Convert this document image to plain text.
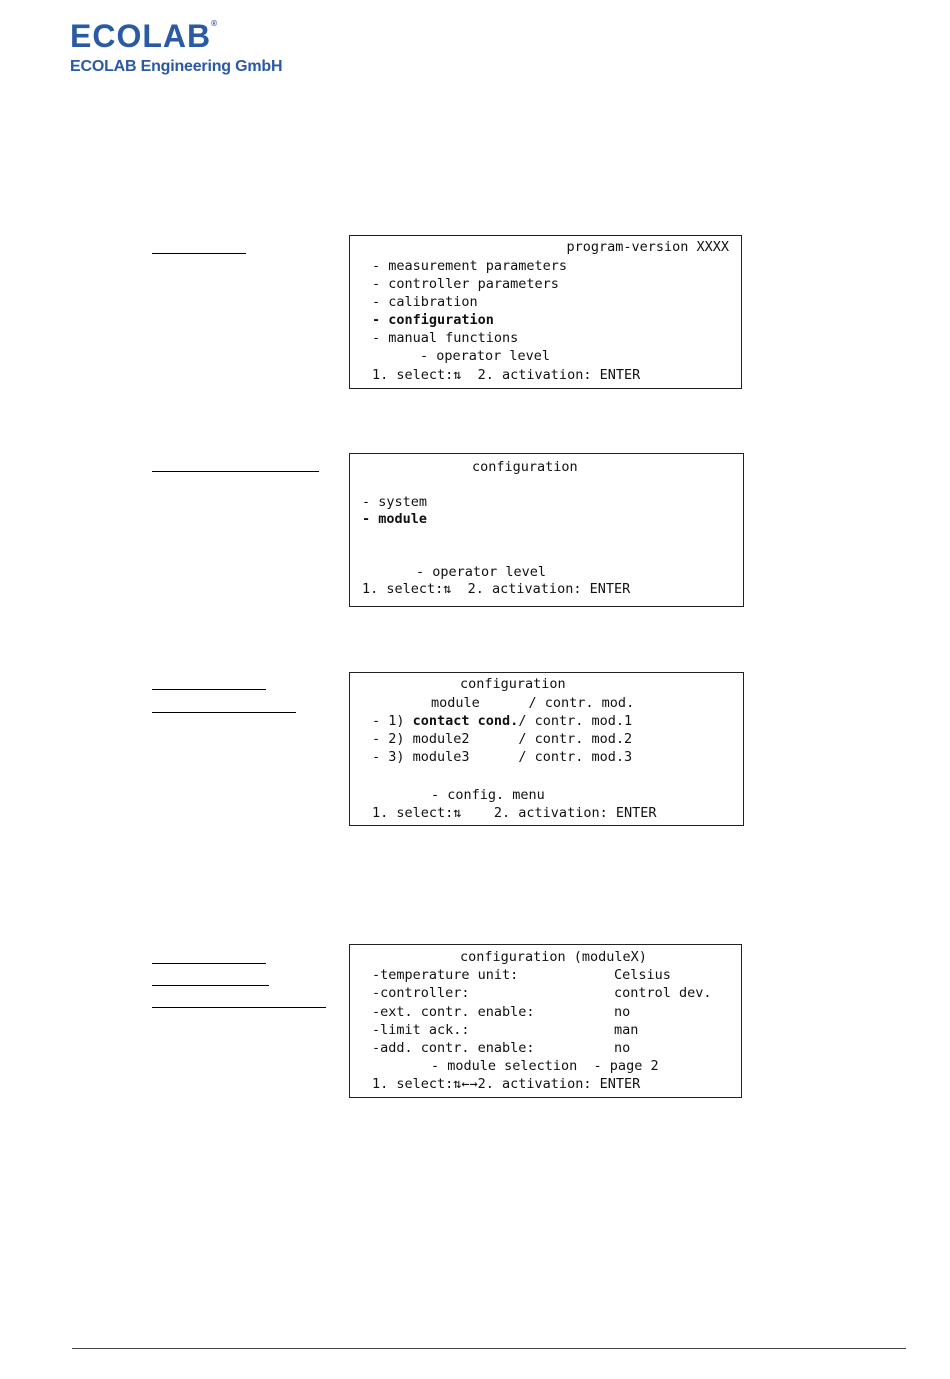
ECOLAB®
ECOLAB Engineering GmbH
program-version XXXX
- measurement parameters
- controller parameters
- calibration
- configuration
- manual functions
- operator level
1. select:⇅  2. activation: ENTER
configuration
- system
- module
- operator level
1. select:⇅  2. activation: ENTER
configuration
module      / contr. mod.
- 1) contact cond./ contr. mod.1
- 2) module2      / contr. mod.2
- 3) module3      / contr. mod.3
- config. menu
1. select:⇅    2. activation: ENTER
configuration (moduleX)
-temperature unit:	Celsius
-controller:	control dev.
-ext. contr. enable:	no
-limit ack.:	man
-add. contr. enable:	no
- module selection  - page 2
1. select:⇅←→2. activation: ENTER
